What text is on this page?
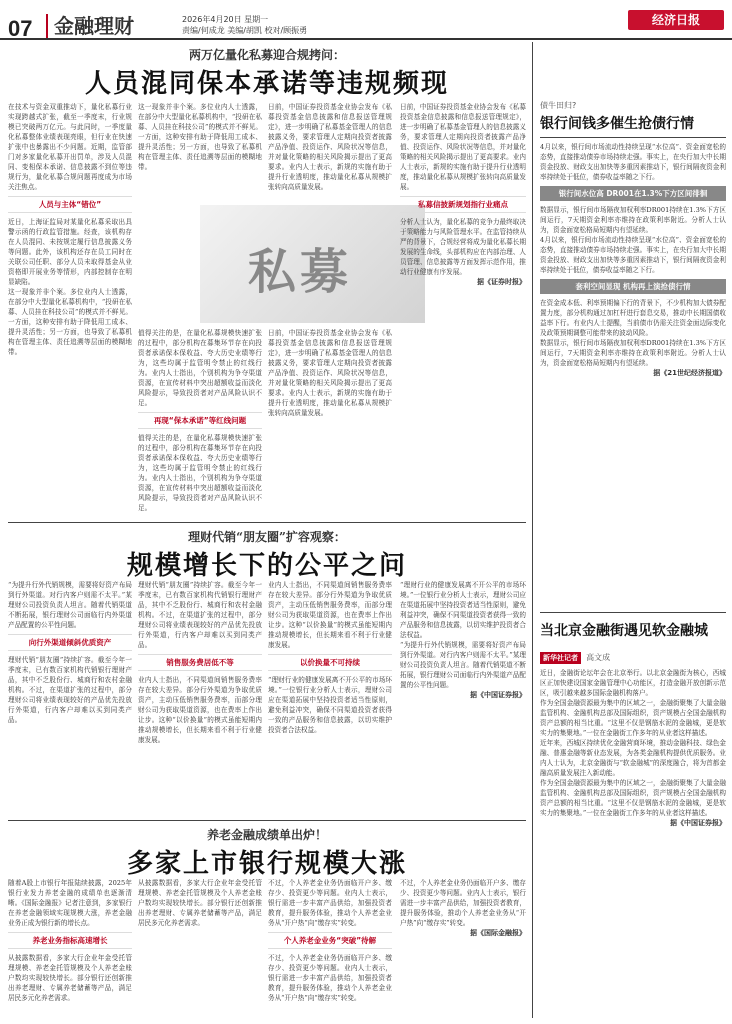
07	金融理财	2026年4月20日 星期一
责编/何成龙 美编/胡凯 校对/顾振勇
经济日报
两万亿量化私募迎合规拷问：
人员混同保本承诺等违规频现
在技术与资金双重推动下，量化私募行业实现跨越式扩张，截至一季度末，行业规模已突破两万亿元。与此同时，一季度量化私募整体业绩表现亮眼，但行业在快速扩张中也暴露出不少问题。近期，监管部门对多家量化私募开出罚单，涉及人员混同、变相保本承诺、信息披露不到位等违规行为，量化私募合规问题再度成为市场关注焦点。
人员与主体“错位”
近日，上海证监局对某量化私募采取出具警示函的行政监管措施。经查，该机构存在人员混同、未按规定履行信息披露义务等问题。此外，该机构还存在员工同时在关联公司任职、部分人员未取得基金从业资格即开展业务等情形，内部控制存在明显缺陷。
这一现象并非个案。多位业内人士透露，在部分中大型量化私募机构中，“投研在私募、人员挂在科技公司”的模式并不鲜见。一方面，这种安排有助于降低用工成本、提升灵活性；另一方面，也导致了私募机构在管理主体、责任追溯等层面的模糊地带。
这一现象并非个案。多位业内人士透露，在部分中大型量化私募机构中，“投研在私募、人员挂在科技公司”的模式并不鲜见。一方面，这种安排有助于降低用工成本、提升灵活性；另一方面，也导致了私募机构在管理主体、责任追溯等层面的模糊地带。
私募
值得关注的是，在量化私募规模快速扩张的过程中，部分机构在募集环节存在向投资者承诺保本保收益、夸大历史业绩等行为，这些均属于监管明令禁止的红线行为。业内人士指出，个别机构为争夺渠道资源，在宣传材料中突出超额收益而淡化风险提示，导致投资者对产品风险认识不足。
再现“保本承诺”等红线问题
值得关注的是，在量化私募规模快速扩张的过程中，部分机构在募集环节存在向投资者承诺保本保收益、夸大历史业绩等行为，这些均属于监管明令禁止的红线行为。业内人士指出，个别机构为争夺渠道资源，在宣传材料中突出超额收益而淡化风险提示，导致投资者对产品风险认识不足。
日前，中国证券投资基金业协会发布《私募投资基金信息披露和信息报送管理规定》，进一步明确了私募基金管理人的信息披露义务，要求管理人定期向投资者披露产品净值、投资运作、风险状况等信息，并对量化策略的相关风险揭示提出了更高要求。业内人士表示，新规的实施有助于提升行业透明度，推动量化私募从规模扩张转向高质量发展。
日前，中国证券投资基金业协会发布《私募投资基金信息披露和信息报送管理规定》，进一步明确了私募基金管理人的信息披露义务，要求管理人定期向投资者披露产品净值、投资运作、风险状况等信息，并对量化策略的相关风险揭示提出了更高要求。业内人士表示，新规的实施有助于提升行业透明度，推动量化私募从规模扩张转向高质量发展。
日前，中国证券投资基金业协会发布《私募投资基金信息披露和信息报送管理规定》，进一步明确了私募基金管理人的信息披露义务，要求管理人定期向投资者披露产品净值、投资运作、风险状况等信息，并对量化策略的相关风险揭示提出了更高要求。业内人士表示，新规的实施有助于提升行业透明度，推动量化私募从规模扩张转向高质量发展。
私募信披新规划指行业痛点
分析人士认为，量化私募的竞争力最终取决于策略能力与风险管理水平。在监管持续从严的背景下，合规经营将成为量化私募长期发展的生命线，头部机构应在内部治理、人员管理、信息披露等方面发挥示范作用，推动行业健康有序发展。
据《证券时报》
理财代销“朋友圈”扩容观察：
规模增长下的公平之问
“为提升行外代销规模，需要将好资产布局到行外渠道。对行内客户则需不太平。”某理财公司投资负责人坦言。随着代销渠道不断拓展，银行理财公司面临行内外渠道产品配置的公平性问题。
向行外渠道倾斜优质资产
理财代销“朋友圈”持续扩容。截至今年一季度末，已有数百家机构代销银行理财产品，其中不乏股份行、城商行和农村金融机构。不过，在渠道扩张的过程中，部分理财公司将业绩表现较好的产品优先投放行外渠道，行内客户却难以买到同类产品。
理财代销“朋友圈”持续扩容。截至今年一季度末，已有数百家机构代销银行理财产品，其中不乏股份行、城商行和农村金融机构。不过，在渠道扩张的过程中，部分理财公司将业绩表现较好的产品优先投放行外渠道，行内客户却难以买到同类产品。
销售服务费居低不等
业内人士指出，不同渠道间销售服务费率存在较大差异。部分行外渠道为争取优质资产，主动压低销售服务费率，而部分理财公司为获取渠道资源，也在费率上作出让步。这种“以价换量”的模式虽能短期内推动规模增长，但长期来看不利于行业健康发展。
业内人士指出，不同渠道间销售服务费率存在较大差异。部分行外渠道为争取优质资产，主动压低销售服务费率，而部分理财公司为获取渠道资源，也在费率上作出让步。这种“以价换量”的模式虽能短期内推动规模增长，但长期来看不利于行业健康发展。
以价换量不可持续
“理财行业的健康发展离不开公平的市场环境。”一位银行业分析人士表示，理财公司应在渠道拓展中坚持投资者适当性原则，避免利益冲突，确保不同渠道投资者获得一致的产品服务和信息披露，以切实维护投资者合法权益。
“理财行业的健康发展离不开公平的市场环境。”一位银行业分析人士表示，理财公司应在渠道拓展中坚持投资者适当性原则，避免利益冲突，确保不同渠道投资者获得一致的产品服务和信息披露，以切实维护投资者合法权益。
“为提升行外代销规模，需要将好资产布局到行外渠道。对行内客户则需不太平。”某理财公司投资负责人坦言。随着代销渠道不断拓展，银行理财公司面临行内外渠道产品配置的公平性问题。
据《中国证券报》
养老金融成绩单出炉！
多家上市银行规模大涨
随着A股上市银行年报陆续披露，2025年银行业发力养老金融的成绩单也逐渐清晰。《国际金融报》记者注意到，多家银行在养老金融领域实现规模大涨，养老金融业务正成为银行新的增长点。
养老业务指标高速增长
从披露数据看，多家大行企业年金受托管理规模、养老金托管规模及个人养老金账户数均实现较快增长。部分银行还创新推出养老理财、专属养老储蓄等产品，满足居民多元化养老需求。
从披露数据看，多家大行企业年金受托管理规模、养老金托管规模及个人养老金账户数均实现较快增长。部分银行还创新推出养老理财、专属养老储蓄等产品，满足居民多元化养老需求。
不过，个人养老金业务仍面临开户多、缴存少、投资更少等问题。业内人士表示，银行需进一步丰富产品供给，加强投资者教育，提升服务体验，推动个人养老金业务从“开户热”向“缴存实”转变。
个人养老金业务“突破”待解
不过，个人养老金业务仍面临开户多、缴存少、投资更少等问题。业内人士表示，银行需进一步丰富产品供给，加强投资者教育，提升服务体验，推动个人养老金业务从“开户热”向“缴存实”转变。
不过，个人养老金业务仍面临开户多、缴存少、投资更少等问题。业内人士表示，银行需进一步丰富产品供给，加强投资者教育，提升服务体验，推动个人养老金业务从“开户热”向“缴存实”转变。
据《国际金融报》
债牛田归?
银行间钱多催生抢债行情
4月以来，银行间市场流动性持续呈现“水位高”、资金面宽松的态势，直接推动债券市场持续走强。事实上，在央行加大中长期资金投放、财政支出加快等多重因素推动下，银行间隔夜资金利率持续处于低位，债券收益率随之下行。
银行间水位高 DR001在1.3%下方区间徘徊
数据显示，银行间市场隔夜加权利率DR001持续在1.3%下方区间运行，7天期资金利率亦维持在政策利率附近。分析人士认为，资金面宽松格局短期内有望延续。
4月以来，银行间市场流动性持续呈现“水位高”、资金面宽松的态势，直接推动债券市场持续走强。事实上，在央行加大中长期资金投放、财政支出加快等多重因素推动下，银行间隔夜资金利率持续处于低位，债券收益率随之下行。
套利空间显现 机构再上演抢债行情
在资金成本低、利率预期偏下行的背景下，不少机构加大债券配置力度，部分机构通过加杠杆进行套息交易，推动中长期国债收益率下行。有业内人士提醒，当前债市仍需关注资金面边际变化及政策预期调整可能带来的波动风险。
数据显示，银行间市场隔夜加权利率DR001持续在1.3%下方区间运行，7天期资金利率亦维持在政策利率附近。分析人士认为，资金面宽松格局短期内有望延续。
据《21世纪经济报道》
当北京金融街遇见软金融城
新华社记者 高文成
近日，金融街论坛年会在北京举行。以北京金融街为核心，西城区正加快建设国家金融管理中心功能区，打造金融开放创新示范区，吸引越来越多国际金融机构落户。
作为全国金融资源最为集中的区域之一，金融街聚集了大量金融监管机构、金融机构总部及国际组织，资产规模占全国金融机构资产总额的相当比重。“这里不仅是钢筋水泥的金融城，更是软实力的集聚地。”一位在金融街工作多年的从业者这样描述。
近年来，西城区持续优化金融营商环境，推动金融科技、绿色金融、普惠金融等新业态发展，为各类金融机构提供优质服务。业内人士认为，北京金融街与“软金融城”的深度融合，将为首都金融高质量发展注入新动能。
作为全国金融资源最为集中的区域之一，金融街聚集了大量金融监管机构、金融机构总部及国际组织，资产规模占全国金融机构资产总额的相当比重。“这里不仅是钢筋水泥的金融城，更是软实力的集聚地。”一位在金融街工作多年的从业者这样描述。
据《中国证券报》
